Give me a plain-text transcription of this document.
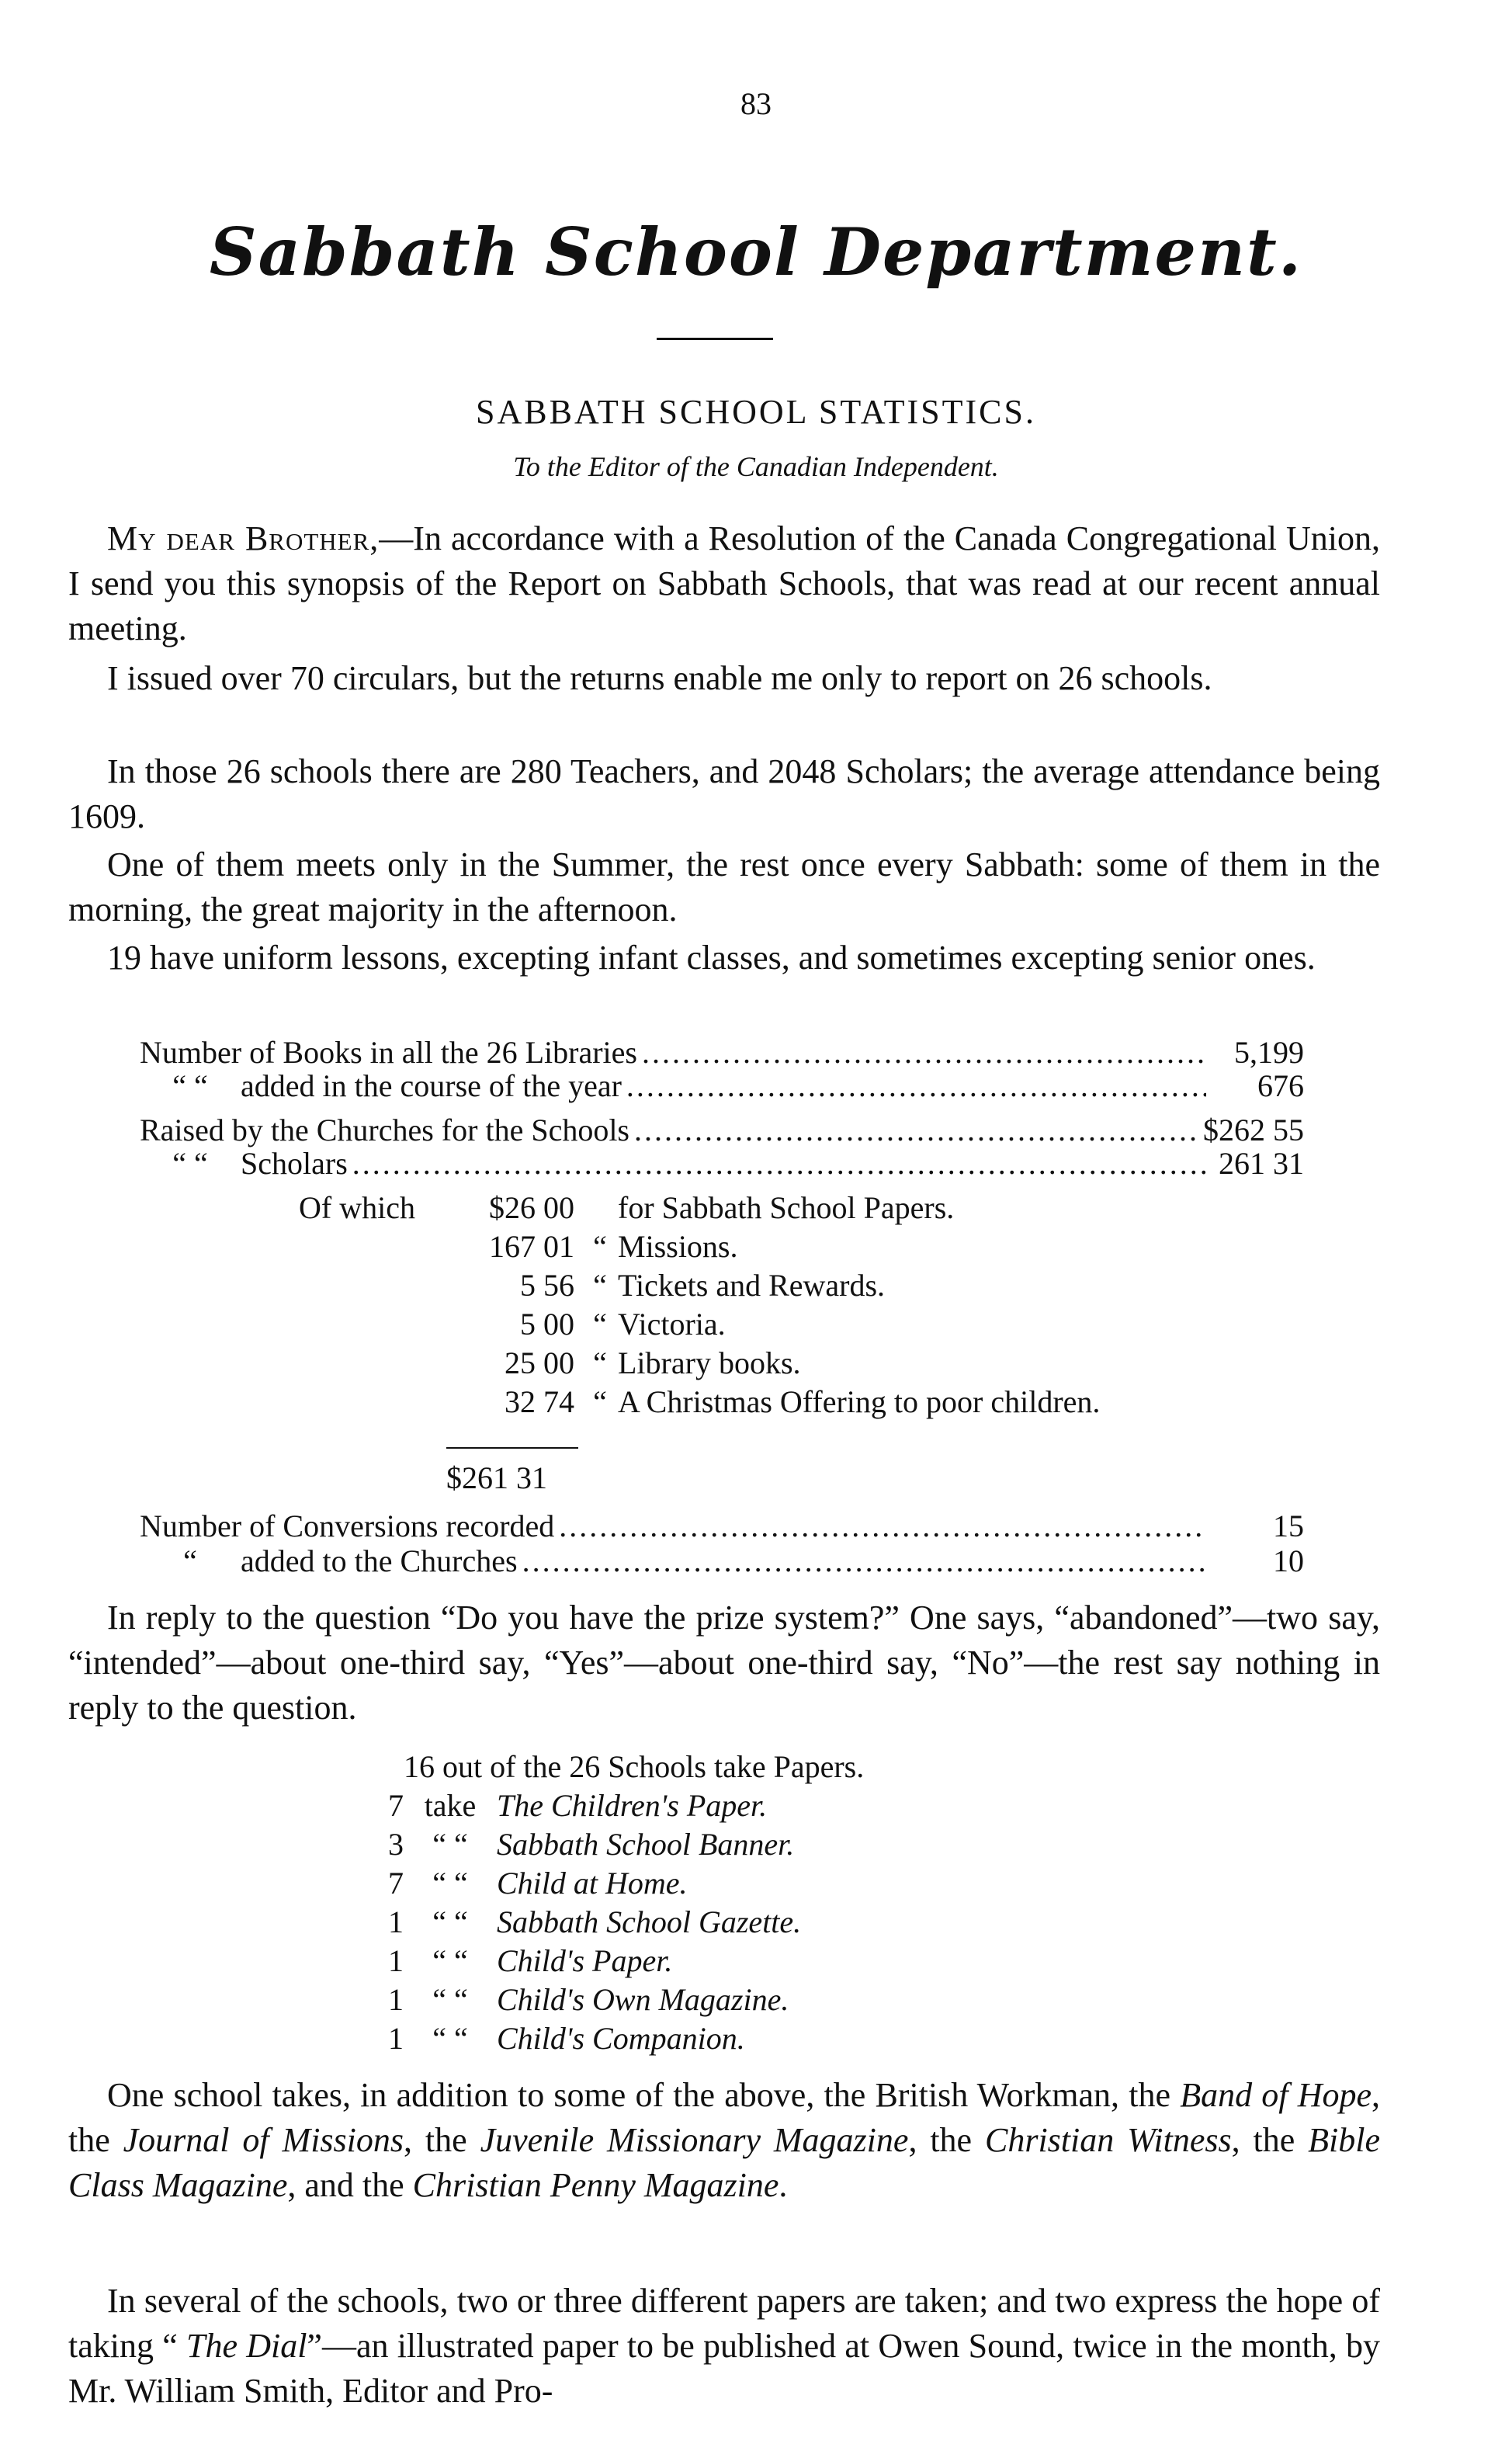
83
Sabbath School Department.
SABBATH SCHOOL STATISTICS.
To the Editor of the Canadian Independent.
My dear Brother,—In accordance with a Resolution of the Canada Congregational Union, I send you this synopsis of the Report on Sabbath Schools, that was read at our recent annual meeting.
I issued over 70 circulars, but the returns enable me only to report on 26 schools.
In those 26 schools there are 280 Teachers, and 2048 Scholars; the average attendance being 1609.
One of them meets only in the Summer, the rest once every Sabbath: some of them in the morning, the great majority in the afternoon.
19 have uniform lessons, excepting infant classes, and sometimes excepting senior ones.
Number of Books in all the 26 Libraries .....	5,199
“ “ added in the course of the year .....	676
Raised by the Churches for the Schools .....	$262 55
“ “ Scholars .....	261 31
Of which	$26 00 for Sabbath School Papers.
167 01 “ Missions.
5 56 “ Tickets and Rewards.
5 00 “ Victoria.
25 00 “ Library books.
32 74 “ A Christmas Offering to poor children.
$261 31
Number of Conversions recorded .....	15
“ added to the Churches .....	10
In reply to the question “Do you have the prize system?” One says, “abandoned”—two say, “intended”—about one-third say, “Yes”—about one-third say, “No”—the rest say nothing in reply to the question.
16 out of the 26 Schools take Papers.
7 take The Children's Paper.
3 “ “ Sabbath School Banner.
7 “ “ Child at Home.
1 “ “ Sabbath School Gazette.
1 “ “ Child's Paper.
1 “ “ Child's Own Magazine.
1 “ “ Child's Companion.
One school takes, in addition to some of the above, the British Workman, the Band of Hope, the Journal of Missions, the Juvenile Missionary Magazine, the Christian Witness, the Bible Class Magazine, and the Christian Penny Magazine.
In several of the schools, two or three different papers are taken; and two express the hope of taking “ The Dial”—an illustrated paper to be published at Owen Sound, twice in the month, by Mr. William Smith, Editor and Pro-
